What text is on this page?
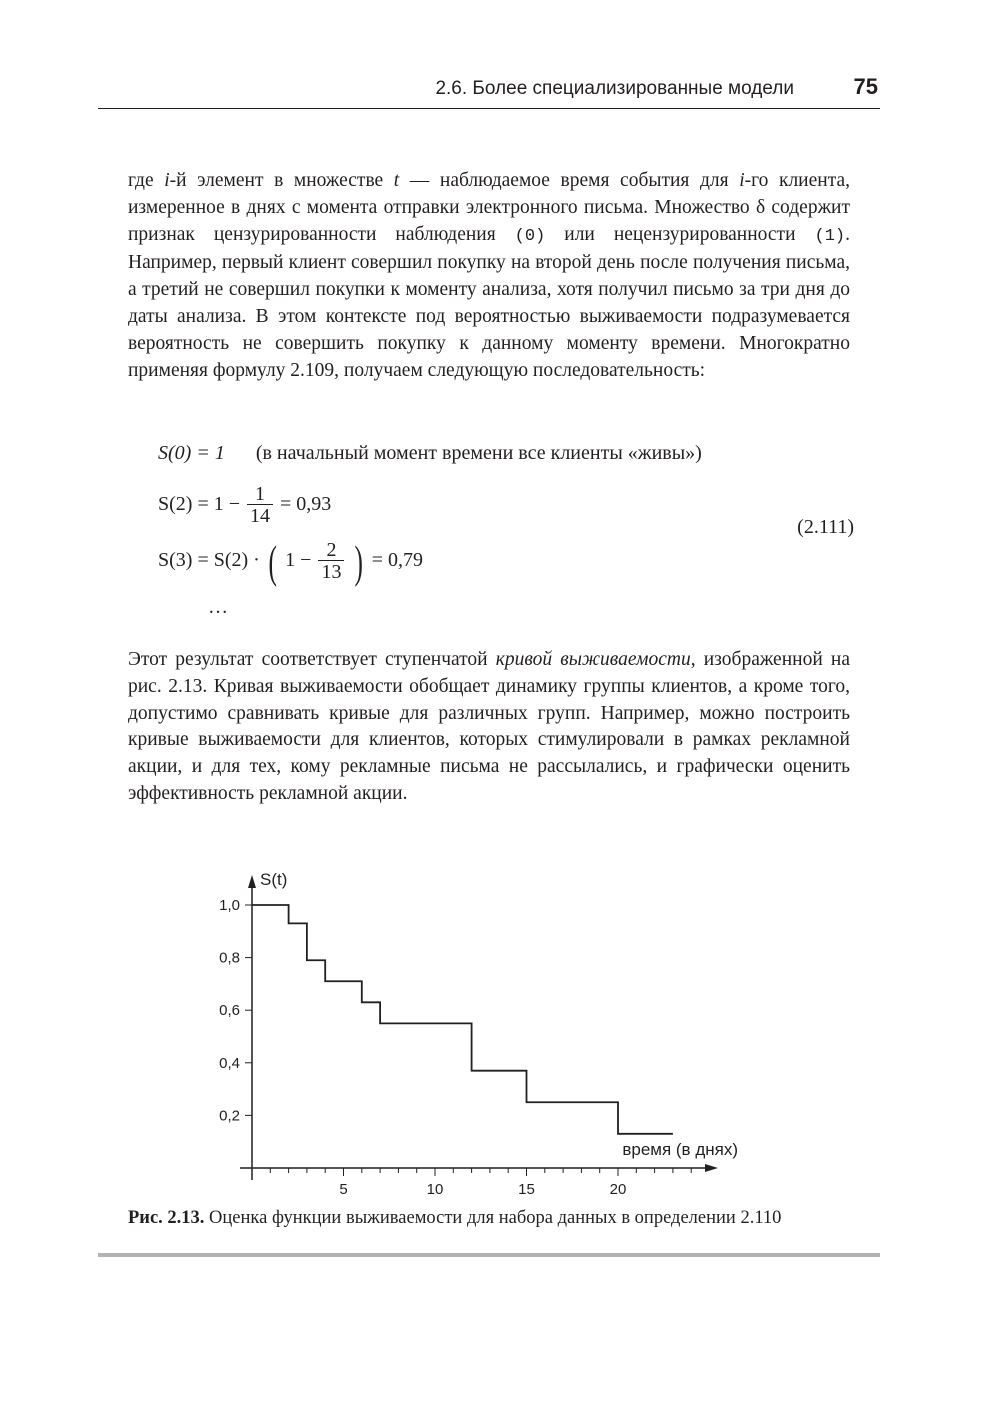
2.6. Более специализированные модели	75

где i-й элемент в множестве t — наблюдаемое время события для i-го клиента, измеренное в днях с момента отправки электронного письма. Множество δ содержит признак цензурированности наблюдения (0) или нецензурированности (1). Например, первый клиент совершил покупку на второй день после получения письма, а третий не совершил покупки к моменту анализа, хотя получил письмо за три дня до даты анализа. В этом контексте под вероятностью выживаемости подразумевается вероятность не совершить покупку к данному моменту времени. Многократно применяя формулу 2.109, получаем следующую последовательность:

S(0) = 1 (в начальный момент времени все клиенты «живы»)
$S(2) = 1 - \frac{1}{14} = 0,93$
S(3) = S(2) · ( $1 - \frac{2}{13}$ ) = 0,79
…
(2.111)

Этот результат соответствует ступенчатой кривой выживаемости, изображенной на рис. 2.13. Кривая выживаемости обобщает динамику группы клиентов, а кроме того, допустимо сравнивать кривые для различных групп. Например, можно построить кривые выживаемости для клиентов, которых стимулировали в рамках рекламной акции, и для тех, кому рекламные письма не рассылались, и графически оценить эффективность рекламной акции.

5	10	15	20
0,2
0,4
0,6
0,8
1,0
S(t)
время (в днях)
Рис. 2.13. Оценка функции выживаемости для набора данных в определении 2.110
